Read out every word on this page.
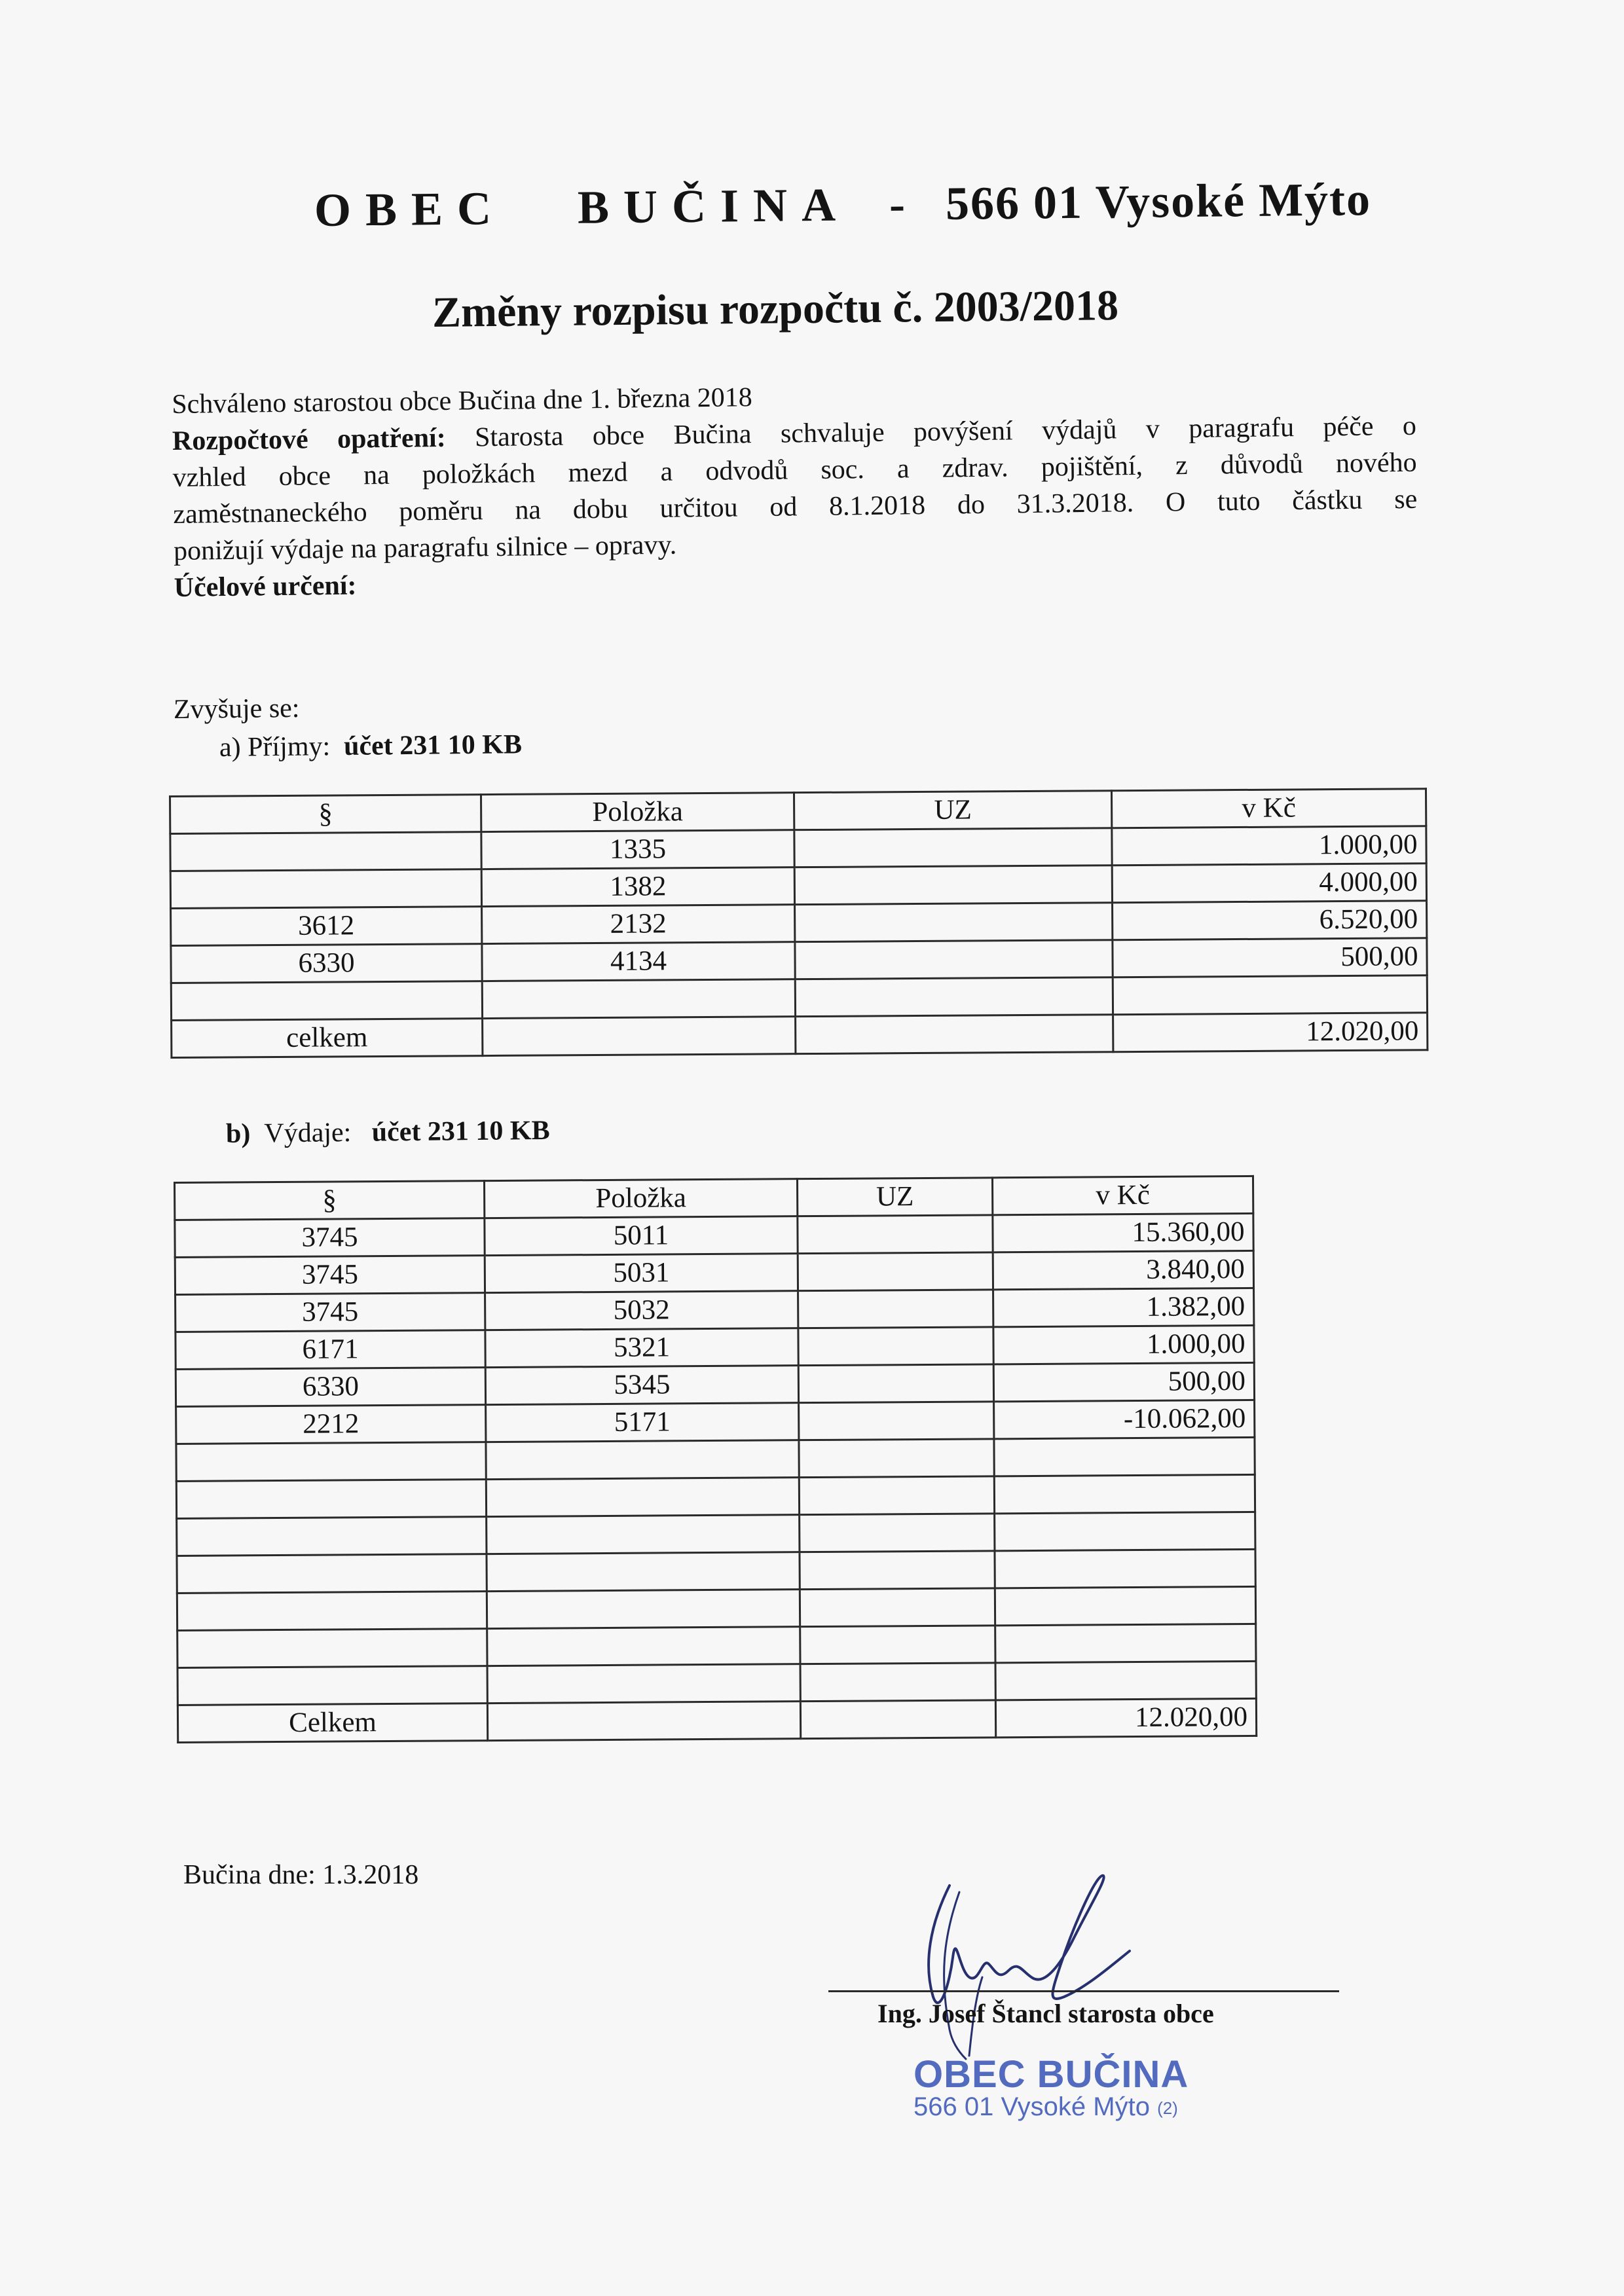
OBEC BUČINA - 566 01 Vysoké Mýto
Změny rozpisu rozpočtu č. 2003/2018

Schváleno starostou obce Bučina dne 1. března 2018

Rozpočtové opatření: Starosta obce Bučina schvaluje povýšení výdajů v paragrafu péče o

vzhled obce na položkách mezd a odvodů soc. a zdrav. pojištění, z důvodů nového

zaměstnaneckého poměru na dobu určitou od 8.1.2018 do 31.3.2018. O tuto částku se

ponižují výdaje na paragrafu silnice – opravy.

Účelové určení:

Zvyšuje se:
a) Příjmy: účet 231 10 KB
§	Položka	UZ	v Kč
	1335		1.000,00
	1382		4.000,00
3612	2132		6.520,00
6330	4134		500,00

celkem			12.020,00
b) Výdaje: účet 231 10 KB
§	Položka	UZ	v Kč
3745	5011		15.360,00
3745	5031		3.840,00
3745	5032		1.382,00
6171	5321		1.000,00
6330	5345		500,00
2212	5171		-10.062,00

Celkem			12.020,00
Bučina dne: 1.3.2018
Ing. Josef Štancl starosta obce
OBEC BUČINA
566 01 Vysoké Mýto (2)
